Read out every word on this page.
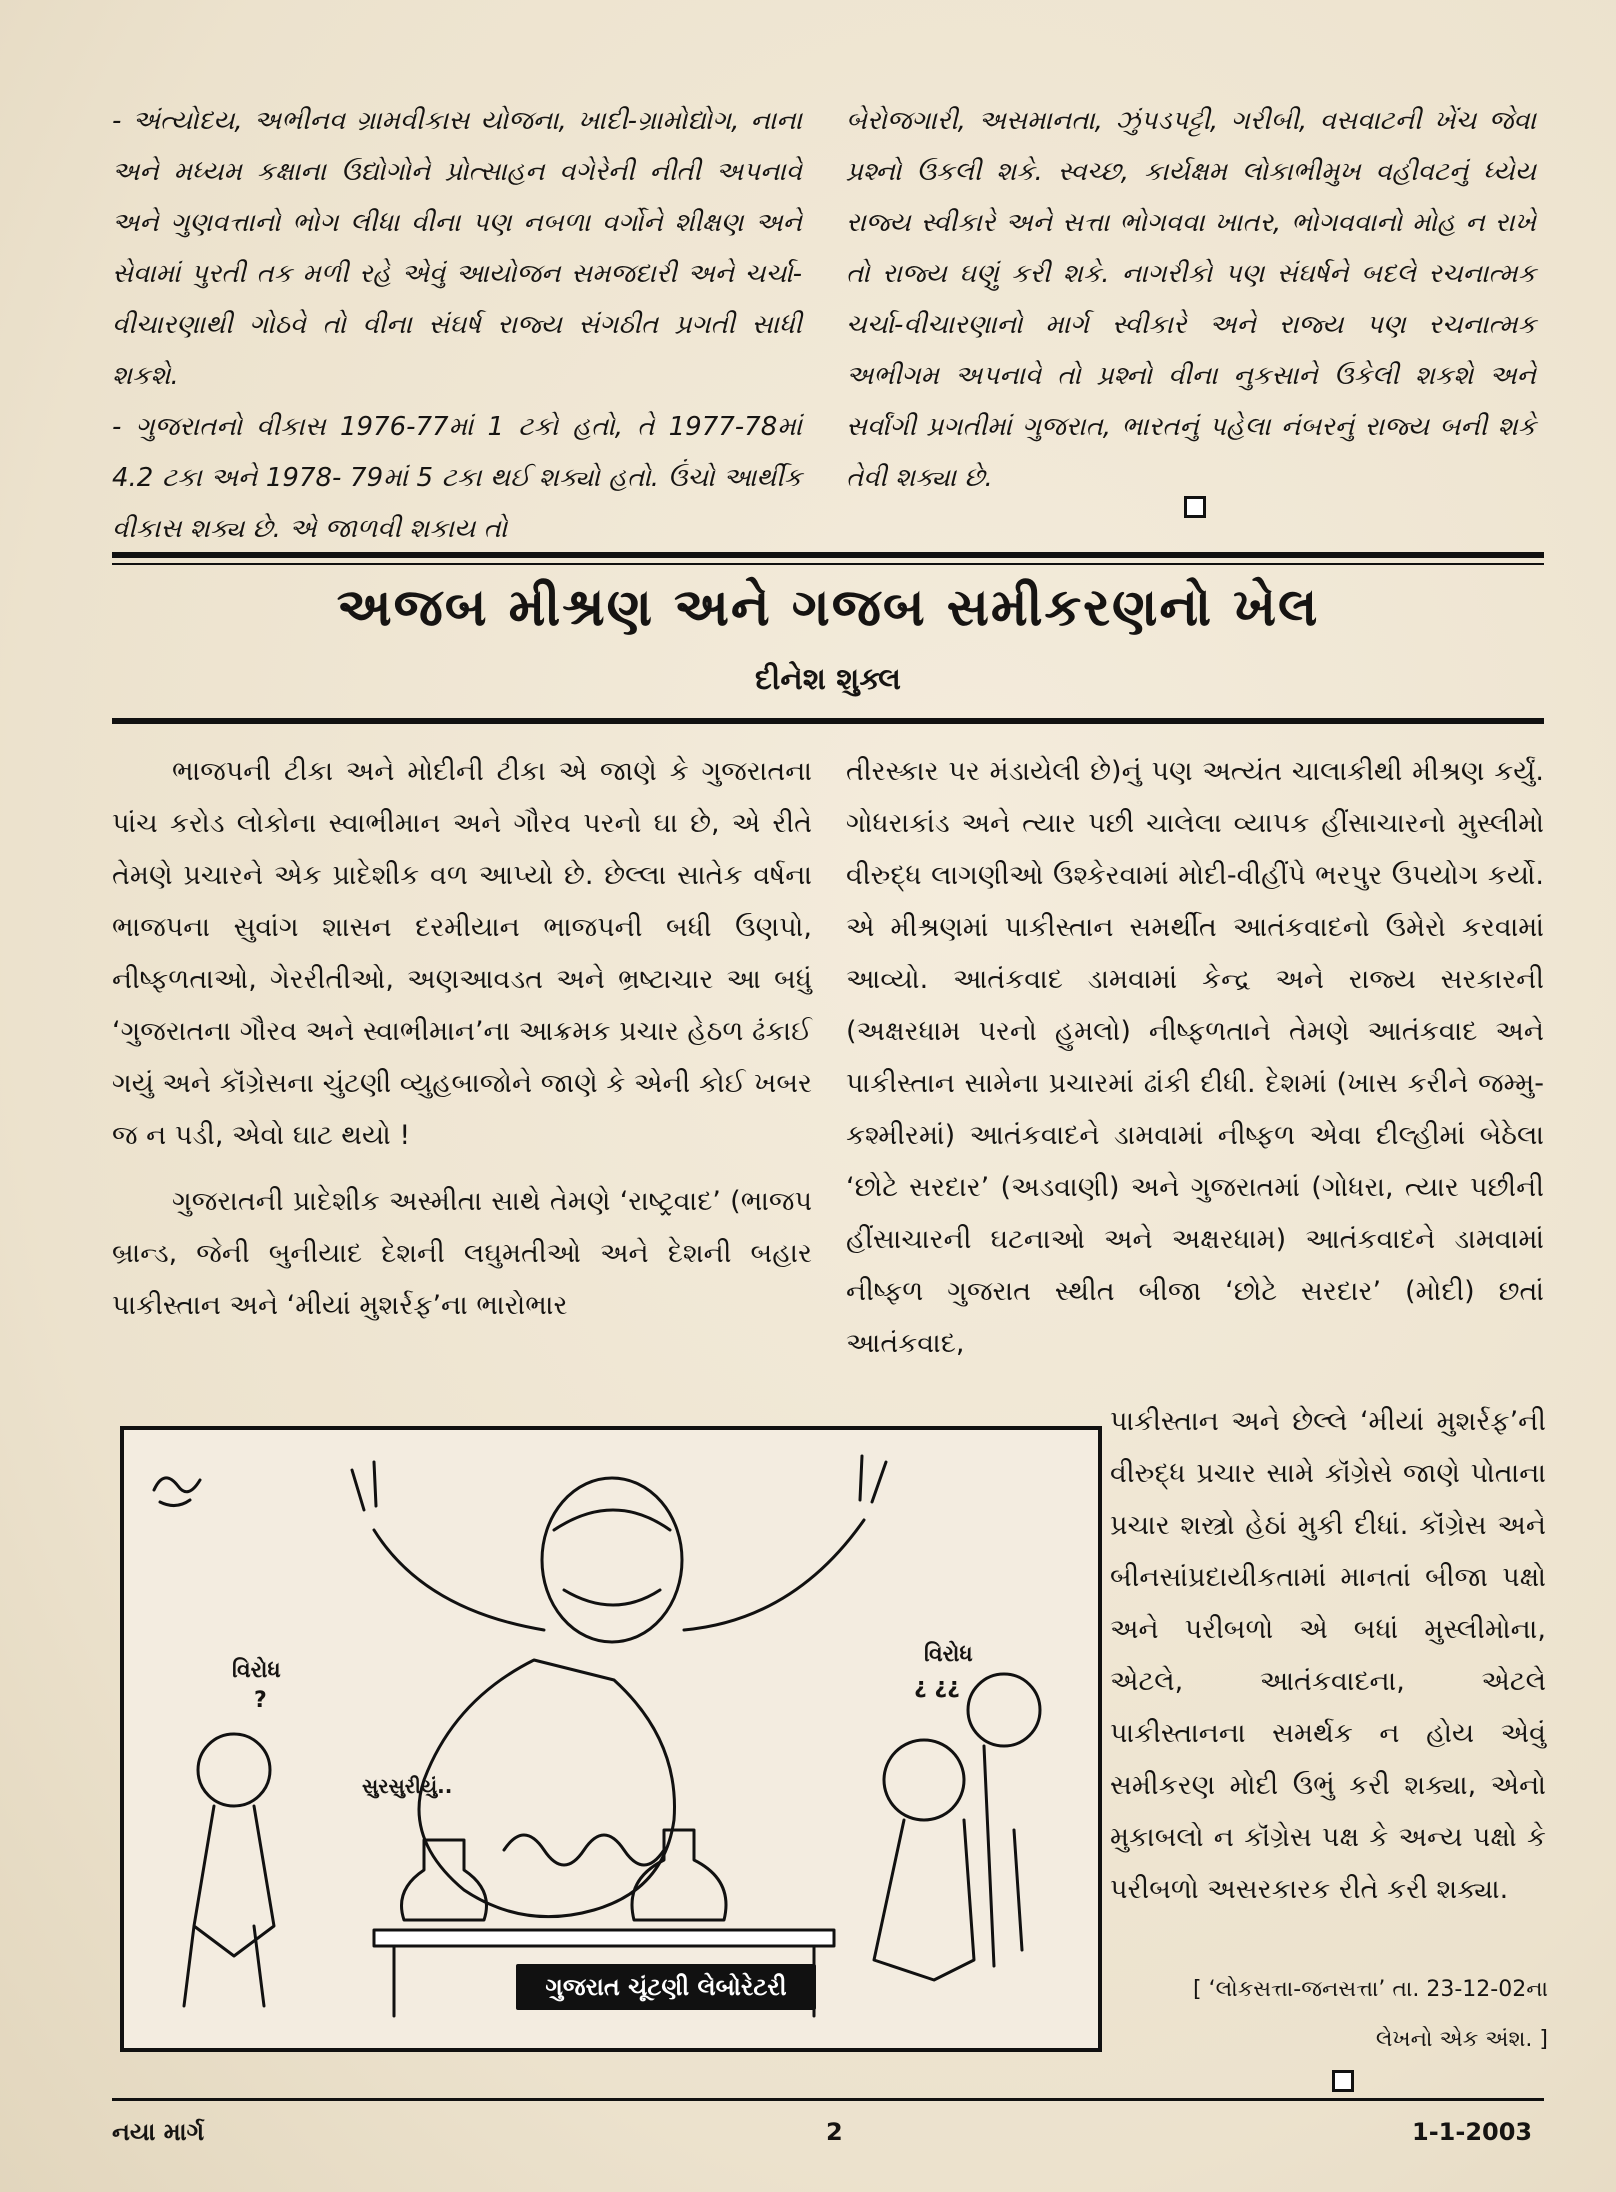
- અંત્યોદય, અભીનવ ગ્રામવીકાસ યોજના, ખાદી-ગ્રામોદ્યોગ, નાના અને મધ્યમ કક્ષાના ઉદ્યોગોને પ્રોત્સાહન વગેરેની નીતી અપનાવે અને ગુણવત્તાનો ભોગ લીધા વીના પણ નબળા વર્ગોને શીક્ષણ અને સેવામાં પુરતી તક મળી રહે એવું આયોજન સમજદારી અને ચર્ચા-વીચારણાથી ગોઠવે તો વીના સંઘર્ષ રાજ્ય સંગઠીત પ્રગતી સાધી શકશે.

- ગુજરાતનો વીકાસ 1976-77માં 1 ટકો હતો, તે 1977-78માં 4.2 ટકા અને 1978- 79માં 5 ટકા થઈ શક્યો હતો. ઉંચો આર્થીક વીકાસ શક્ય છે. એ જાળવી શકાય તો

બેરોજગારી, અસમાનતા, ઝુંપડપટ્ટી, ગરીબી, વસવાટની ખેંચ જેવા પ્રશ્નો ઉકલી શકે. સ્વચ્છ, કાર્યક્ષમ લોકાભીમુખ વહીવટનું ધ્યેય રાજ્ય સ્વીકારે અને સત્તા ભોગવવા ખાતર, ભોગવવાનો મોહ ન રાખે તો રાજ્ય ઘણું કરી શકે. નાગરીકો પણ સંઘર્ષને બદલે રચનાત્મક ચર્ચા-વીચારણાનો માર્ગ સ્વીકારે અને રાજ્ય પણ રચનાત્મક અભીગમ અપનાવે તો પ્રશ્નો વીના નુકસાને ઉકેલી શકશે અને સર્વાંગી પ્રગતીમાં ગુજરાત, ભારતનું પહેલા નંબરનું રાજ્ય બની શકે તેવી શક્યા છે.

અજબ મીશ્રણ અને ગજબ સમીકરણનો ખેલ
દીનેશ શુક્લ

ભાજપની ટીકા અને મોદીની ટીકા એ જાણે કે ગુજરાતના પાંચ કરોડ લોકોના સ્વાભીમાન અને ગૌરવ પરનો ઘા છે, એ રીતે તેમણે પ્રચારને એક પ્રાદેશીક વળ આપ્યો છે. છેલ્લા સાતેક વર્ષના ભાજપના સુવાંગ શાસન દરમીયાન ભાજપની બધી ઉણપો, નીષ્ફળતાઓ, ગેરરીતીઓ, અણઆવડત અને ભ્રષ્ટાચાર આ બધું ‘ગુજરાતના ગૌરવ અને સ્વાભીમાન’ના આક્રમક પ્રચાર હેઠળ ઢંકાઈ ગયું અને કૉંગ્રેસના ચુંટણી વ્યુહબાજોને જાણે કે એની કોઈ ખબર જ ન પડી, એવો ઘાટ થયો !

ગુજરાતની પ્રાદેશીક અસ્મીતા સાથે તેમણે ‘રાષ્ટ્રવાદ’ (ભાજપ બ્રાન્ડ, જેની બુનીયાદ દેશની લઘુમતીઓ અને દેશની બહાર પાકીસ્તાન અને ‘મીયાં મુશર્રફ’ના ભારોભાર

તીરસ્કાર પર મંડાયેલી છે)નું પણ અત્યંત ચાલાકીથી મીશ્રણ કર્યું. ગોધરાકાંડ અને ત્યાર પછી ચાલેલા વ્યાપક હીંસાચારનો મુસ્લીમો વીરુદ્ધ લાગણીઓ ઉશ્કેરવામાં મોદી-વીહીંપે ભરપુર ઉપયોગ કર્યો. એ મીશ્રણમાં પાકીસ્તાન સમર્થીત આતંકવાદનો ઉમેરો કરવામાં આવ્યો. આતંકવાદ ડામવામાં કેન્દ્ર અને રાજ્ય સરકારની (અક્ષરધામ પરનો હુમલો) નીષ્ફળતાને તેમણે આતંકવાદ અને પાકીસ્તાન સામેના પ્રચારમાં ઢાંકી દીધી. દેશમાં (ખાસ કરીને જમ્મુ-કશ્મીરમાં) આતંકવાદને ડામવામાં નીષ્ફળ એવા દીલ્હીમાં બેઠેલા ‘છોટે સરદાર’ (અડવાણી) અને ગુજરાતમાં (ગોધરા, ત્યાર પછીની હીંસાચારની ઘટનાઓ અને અક્ષરધામ) આતંકવાદને ડામવામાં નીષ્ફળ ગુજરાત સ્થીત બીજા ‘છોટે સરદાર’ (મોદી) છતાં આતંકવાદ,

પાકીસ્તાન અને છેલ્લે ‘મીયાં મુશર્રફ’ની વીરુદ્ધ પ્રચાર સામે કૉંગ્રેસે જાણે પોતાના પ્રચાર શસ્ત્રો હેઠાં મુકી દીધાં. કૉંગ્રેસ અને બીનસાંપ્રદાયીકતામાં માનતાં બીજા પક્ષો અને પરીબળો એ બધાં મુસ્લીમોના, એટલે, આતંકવાદના, એટલે પાકીસ્તાનના સમર્થક ન હોય એવું સમીકરણ મોદી ઉભું કરી શક્યા, એનો મુકાબલો ન કૉંગ્રેસ પક્ષ કે અન્ય પક્ષો કે પરીબળો અસરકારક રીતે કરી શક્યા.

[ ‘લોકસત્તા-જનસત્તા’ તા. 23-12-02ના
લેખનો એક અંશ. ]
વિરોધ
?
વિરોધ
¿ ¿¿
સુરસુરીયું..
ગુજરાત ચૂંટણી લેબોરેટરી
નયા માર્ગ	2	1-1-2003
